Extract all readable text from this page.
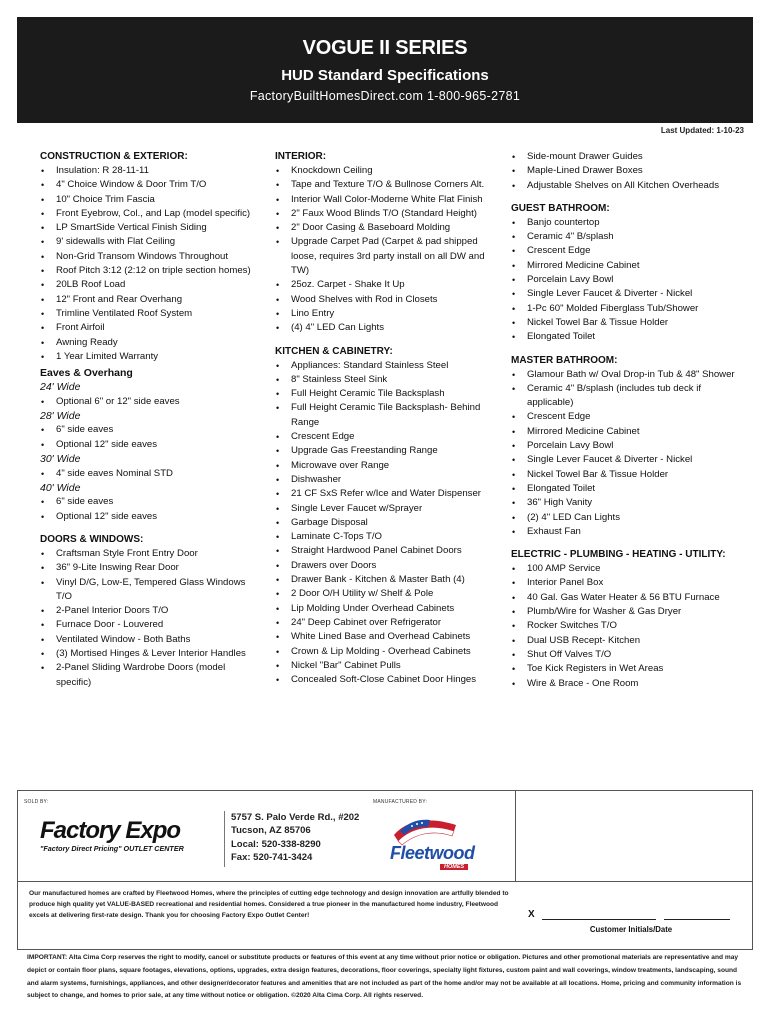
VOGUE II SERIES
HUD Standard Specifications
FactoryBuiltHomesDirect.com 1-800-965-2781
Last Updated: 1-10-23
CONSTRUCTION & EXTERIOR:
• Insulation: R 28-11-11
• 4" Choice Window & Door Trim T/O
• 10" Choice Trim Fascia
• Front Eyebrow, Col., and Lap (model specific)
• LP SmartSide Vertical Finish Siding
• 9' sidewalls with Flat Ceiling
• Non-Grid Transom Windows Throughout
• Roof Pitch 3:12 (2:12 on triple section homes)
• 20LB Roof Load
• 12" Front and Rear Overhang
• Trimline Ventilated Roof System
• Front Airfoil
• Awning Ready
• 1 Year Limited Warranty
Eaves & Overhang
24' Wide
• Optional 6" or 12" side eaves
28' Wide
• 6" side eaves
• Optional 12" side eaves
30' Wide
• 4" side eaves Nominal STD
40' Wide
• 6" side eaves
• Optional 12" side eaves
DOORS & WINDOWS:
• Craftsman Style Front Entry Door
• 36" 9-Lite Inswing Rear Door
• Vinyl D/G, Low-E, Tempered Glass Windows T/O
• 2-Panel Interior Doors T/O
• Furnace Door - Louvered
• Ventilated Window - Both Baths
• (3) Mortised Hinges & Lever Interior Handles
• 2-Panel Sliding Wardrobe Doors (model specific)
INTERIOR:
• Knockdown Ceiling
• Tape and Texture T/O & Bullnose Corners Alt.
• Interior Wall Color-Moderne White Flat Finish
• 2" Faux Wood Blinds T/O (Standard Height)
• 2" Door Casing & Baseboard Molding
• Upgrade Carpet Pad (Carpet & pad shipped loose, requires 3rd party install on all DW and TW)
• 25oz. Carpet - Shake It Up
• Wood Shelves with Rod in Closets
• Lino Entry
• (4) 4" LED Can Lights
KITCHEN & CABINETRY:
• Appliances: Standard Stainless Steel
• 8" Stainless Steel Sink
• Full Height Ceramic Tile Backsplash
• Full Height Ceramic Tile Backsplash- Behind Range
• Crescent Edge
• Upgrade Gas Freestanding Range
• Microwave over Range
• Dishwasher
• 21 CF SxS Refer w/Ice and Water Dispenser
• Single Lever Faucet w/Sprayer
• Garbage Disposal
• Laminate C-Tops T/O
• Straight Hardwood Panel Cabinet Doors
• Drawers over Doors
• Drawer Bank - Kitchen & Master Bath (4)
• 2 Door O/H Utility w/ Shelf & Pole
• Lip Molding Under Overhead Cabinets
• 24" Deep Cabinet over Refrigerator
• White Lined Base and Overhead Cabinets
• Crown & Lip Molding - Overhead Cabinets
• Nickel "Bar" Cabinet Pulls
• Concealed Soft-Close Cabinet Door Hinges
• Side-mount Drawer Guides
• Maple-Lined Drawer Boxes
• Adjustable Shelves on All Kitchen Overheads
GUEST BATHROOM:
• Banjo countertop
• Ceramic 4" B/splash
• Crescent Edge
• Mirrored Medicine Cabinet
• Porcelain Lavy Bowl
• Single Lever Faucet & Diverter - Nickel
• 1-Pc 60" Molded Fiberglass Tub/Shower
• Nickel Towel Bar & Tissue Holder
• Elongated Toilet
MASTER BATHROOM:
• Glamour Bath w/ Oval Drop-in Tub & 48" Shower
• Ceramic 4" B/splash (includes tub deck if applicable)
• Crescent Edge
• Mirrored Medicine Cabinet
• Porcelain Lavy Bowl
• Single Lever Faucet & Diverter - Nickel
• Nickel Towel Bar & Tissue Holder
• Elongated Toilet
• 36" High Vanity
• (2) 4" LED Can Lights
• Exhaust Fan
ELECTRIC - PLUMBING - HEATING - UTILITY:
• 100 AMP Service
• Interior Panel Box
• 40 Gal. Gas Water Heater & 56 BTU Furnace
• Plumb/Wire for Washer & Gas Dryer
• Rocker Switches T/O
• Dual USB Recept- Kitchen
• Shut Off Valves T/O
• Toe Kick Registers in Wet Areas
• Wire & Brace - One Room
SOLD BY:	MANUFACTURED BY:
Factory Expo
"Factory Direct Pricing" OUTLET CENTER
5757 S. Palo Verde Rd., #202
Tucson, AZ 85706
Local: 520-338-8290
Fax: 520-741-3424	Fleetwood
HOMES
Our manufactured homes are crafted by Fleetwood Homes, where the principles of cutting edge technology and design innovation are artfully blended to produce high quality yet VALUE-BASED recreational and residential homes. Considered a true pioneer in the manufactured home industry, Fleetwood excels at delivering first-rate design. Thank you for choosing Factory Expo Outlet Center!	X
Customer Initials/Date
IMPORTANT: Alta Cima Corp reserves the right to modify, cancel or substitute products or features of this event at any time without prior notice or obligation. Pictures and other promotional materials are representative and may depict or contain floor plans, square footages, elevations, options, upgrades, extra design features, decorations, floor coverings, specialty light fixtures, custom paint and wall coverings, window treatments, landscaping, sound and alarm systems, furnishings, appliances, and other designer/decorator features and amenities that are not included as part of the home and/or may not be available at all locations. Home, pricing and community information is subject to change, and homes to prior sale, at any time without notice or obligation. ©2020 Alta Cima Corp. All rights reserved.
